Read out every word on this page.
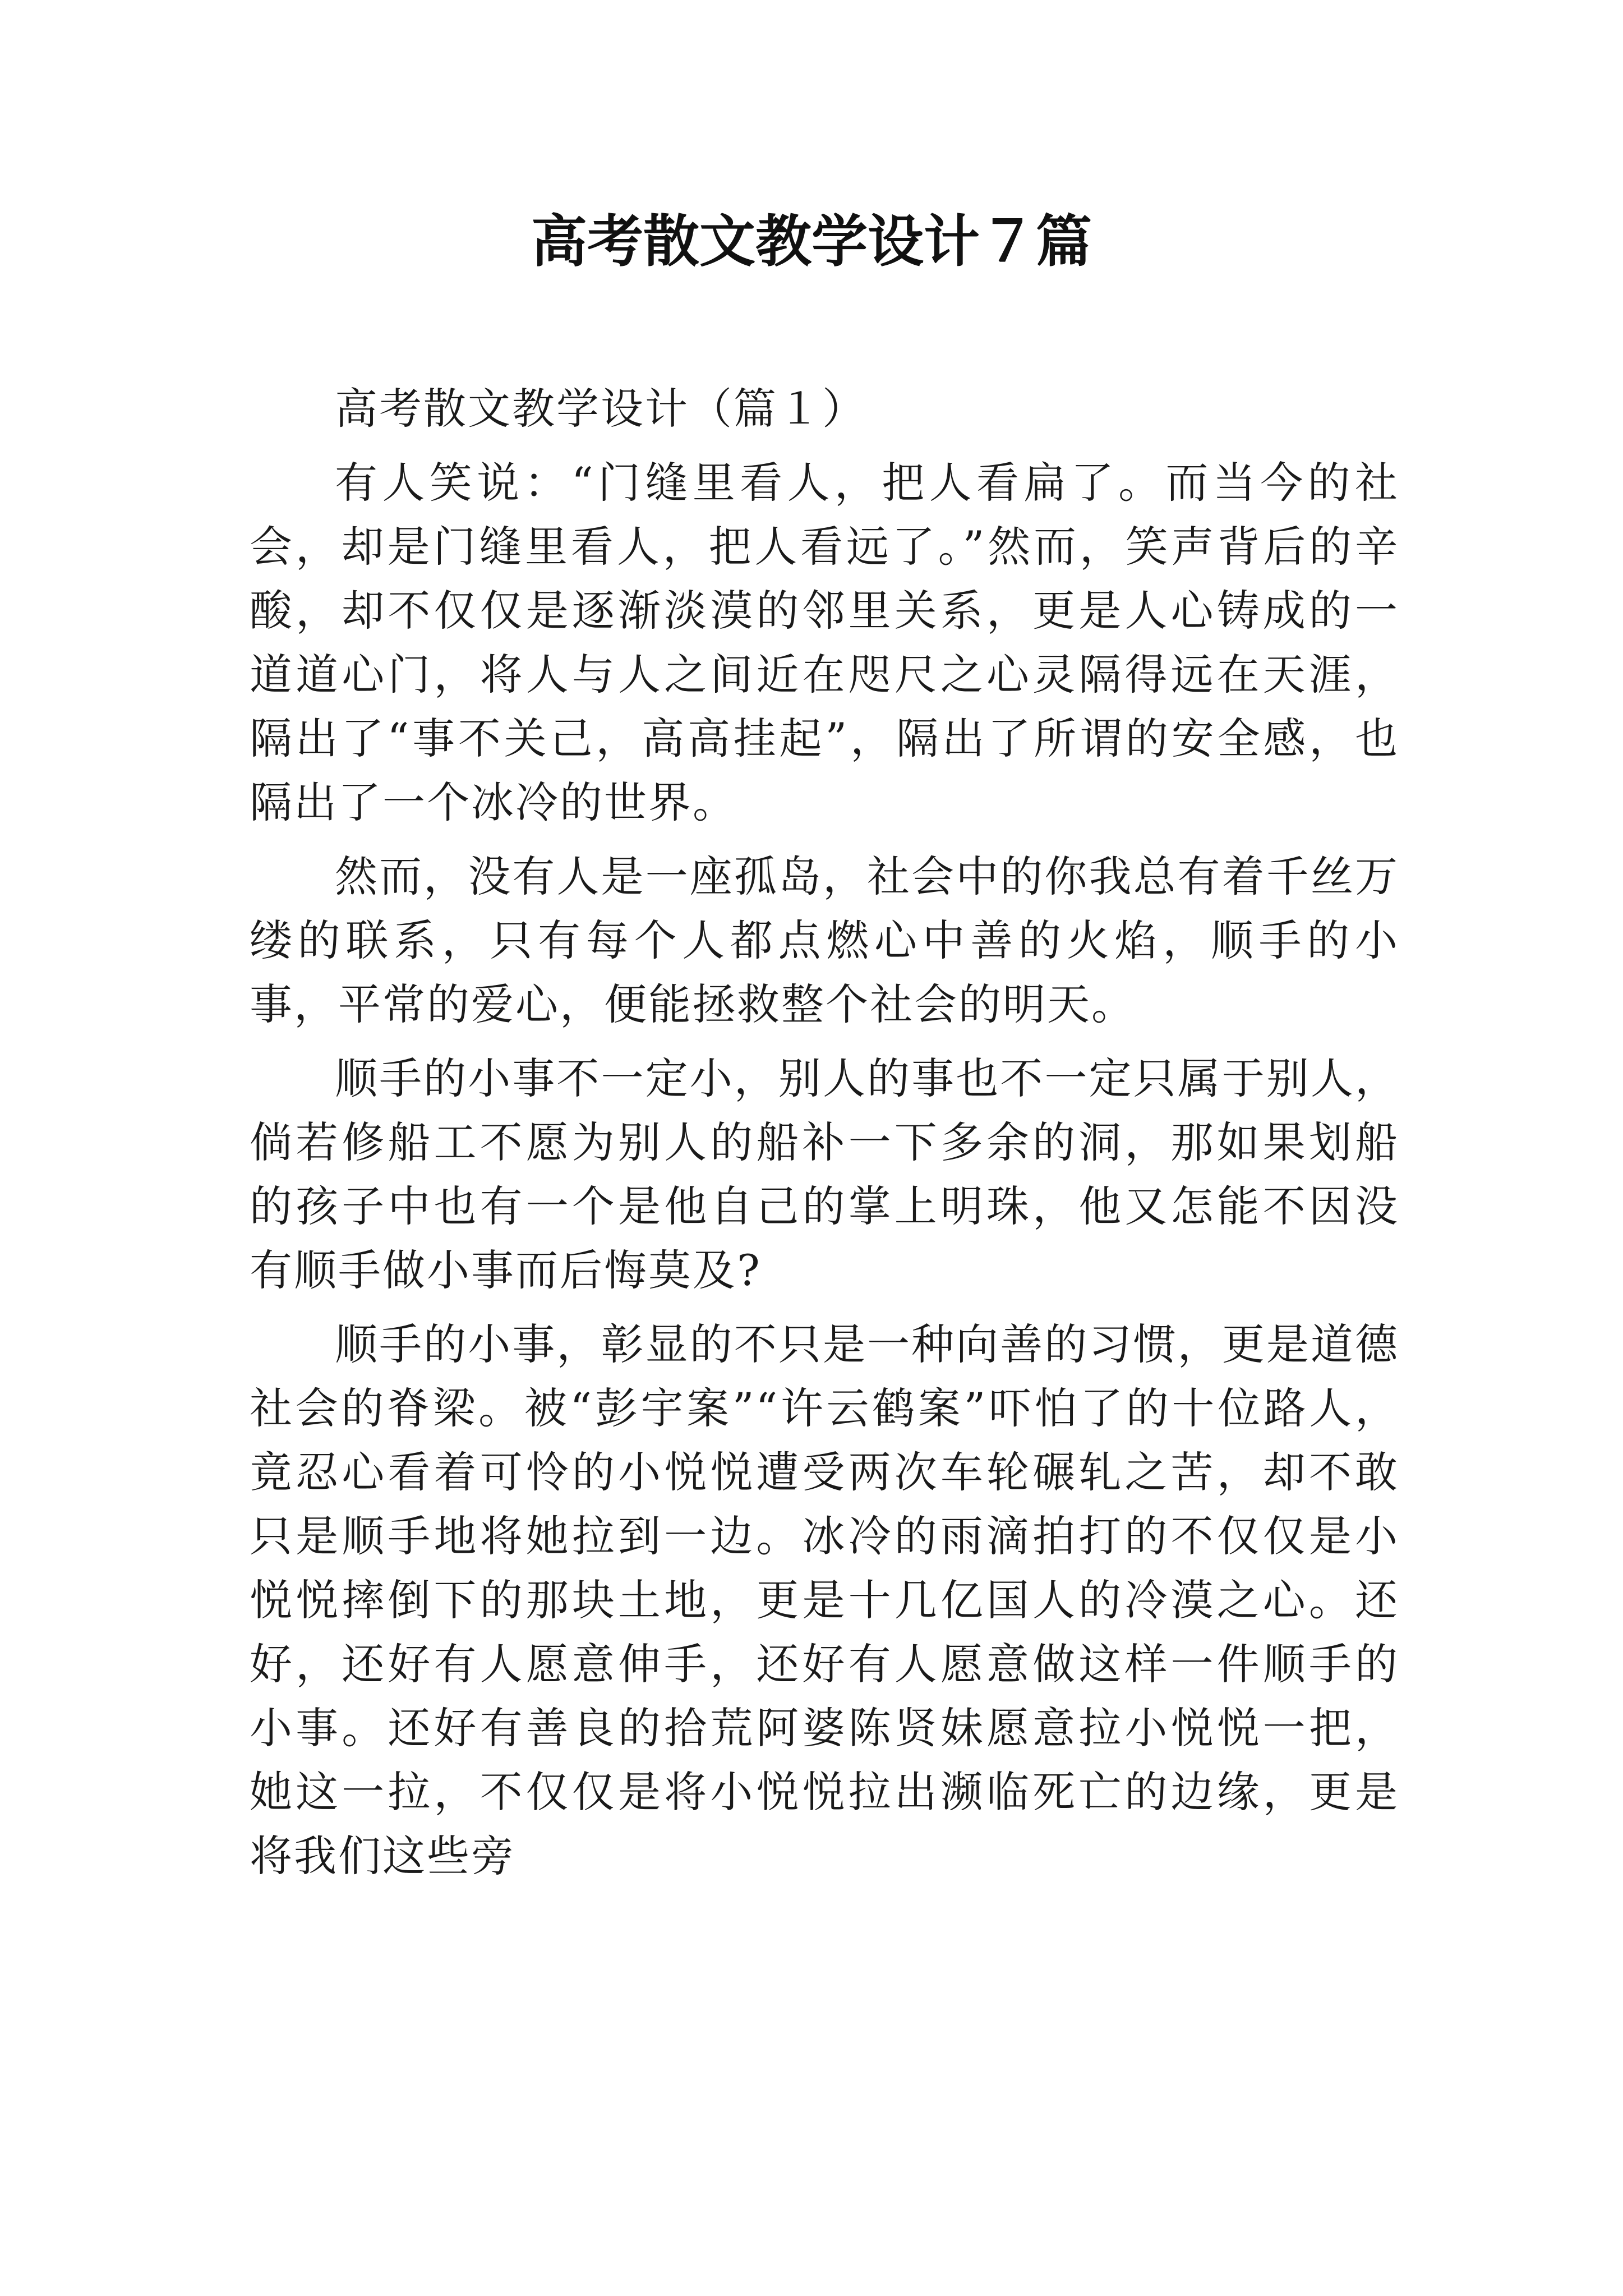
高考散文教学设计７篇

高考散文教学设计（篇１）

有人笑说：“门缝里看人，把人看扁了。而当今的社会，却是门缝里看人，把人看远了。”然而，笑声背后的辛酸，却不仅仅是逐渐淡漠的邻里关系，更是人心铸成的一道道心门，将人与人之间近在咫尺之心灵隔得远在天涯，隔出了“事不关己，高高挂起”，隔出了所谓的安全感，也隔出了一个冰冷的世界。

然而，没有人是一座孤岛，社会中的你我总有着千丝万缕的联系，只有每个人都点燃心中善的火焰，顺手的小事，平常的爱心，便能拯救整个社会的明天。

顺手的小事不一定小，别人的事也不一定只属于别人，倘若修船工不愿为别人的船补一下多余的洞，那如果划船的孩子中也有一个是他自己的掌上明珠，他又怎能不因没有顺手做小事而后悔莫及?

顺手的小事，彰显的不只是一种向善的习惯，更是道德社会的脊梁。被“彭宇案”“许云鹤案”吓怕了的十位路人，竟忍心看着可怜的小悦悦遭受两次车轮碾轧之苦，却不敢只是顺手地将她拉到一边。冰冷的雨滴拍打的不仅仅是小悦悦摔倒下的那块土地，更是十几亿国人的冷漠之心。还好，还好有人愿意伸手，还好有人愿意做这样一件顺手的小事。还好有善良的拾荒阿婆陈贤妹愿意拉小悦悦一把，她这一拉，不仅仅是将小悦悦拉出濒临死亡的边缘，更是将我们这些旁
